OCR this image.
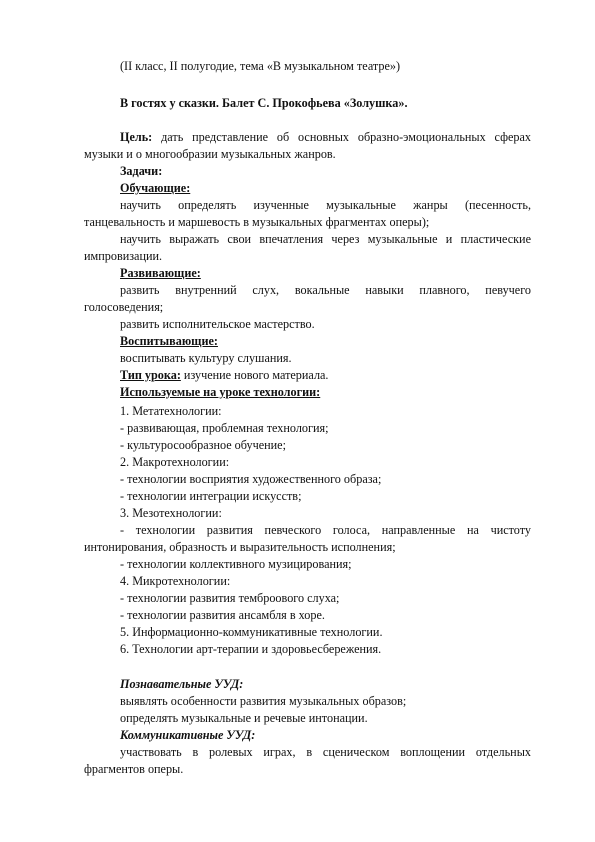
(II класс, II полугодие, тема «В музыкальном театре»)
В гостях у сказки. Балет С. Прокофьева «Золушка».
Цель: дать представление об основных образно-эмоциональных сферах
музыки и о многообразии музыкальных жанров.
Задачи:
Обучающие:
научить определять изученные музыкальные жанры (песенность,
танцевальность и маршевость в музыкальных фрагментах оперы);
научить выражать свои впечатления через музыкальные и пластические
импровизации.
Развивающие:
развить внутренний слух, вокальные навыки плавного, певучего
голосоведения;
развить исполнительское мастерство.
Воспитывающие:
воспитывать культуру слушания.
Тип урока: изучение нового материала.
Используемые на уроке технологии:
1. Метатехнологии:
- развивающая, проблемная технология;
- культуросообразное обучение;
2. Макротехнологии:
- технологии восприятия художественного образа;
- технологии интеграции искусств;
3. Мезотехнологии:
- технологии развития певческого голоса, направленные на чистоту
интонирования, образность и выразительность исполнения;
- технологии коллективного музицирования;
4. Микротехнологии:
- технологии развития темброового слуха;
- технологии развития ансамбля в хоре.
5. Информационно-коммуникативные технологии.
6. Технологии арт-терапии и здоровьесбережения.
Познавательные УУД:
выявлять особенности развития музыкальных образов;
определять музыкальные и речевые интонации.
Коммуникативные УУД:
участвовать в ролевых играх, в сценическом воплощении отдельных
фрагментов оперы.
